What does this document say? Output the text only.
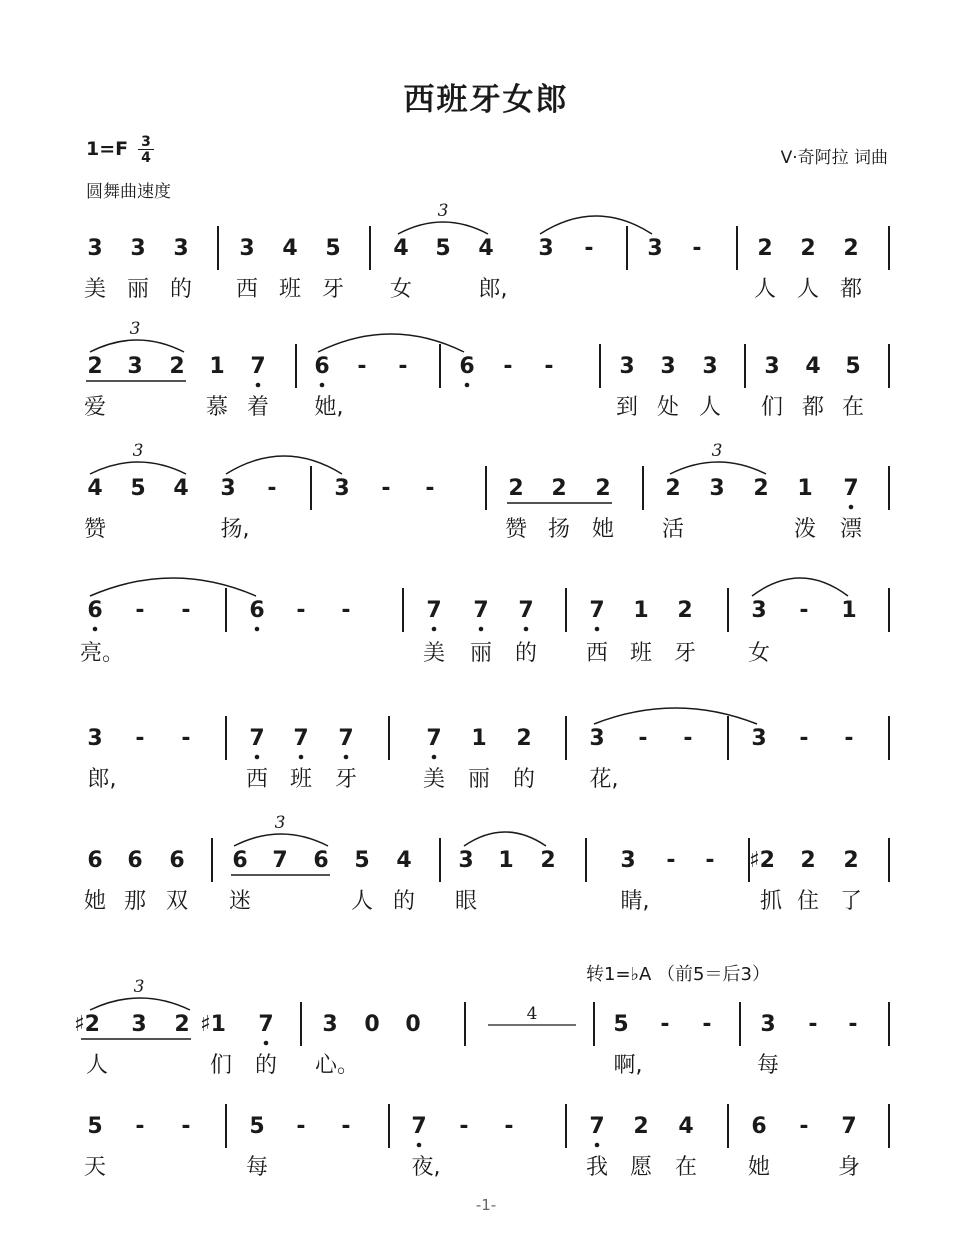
西班牙女郎
$1=F \frac{3}{4}$
圆舞曲速度
V·奇阿拉 词曲
转1=♭A （前5＝后3）
-1-
3 3 3 3 4 5 4 5 4 3	-	3	-	2 2 2
美 丽 的 西 班 牙 女	郎,	人 人 都
2 3 2 1 7 6	-	-	6	-	-	3 3 3 3 4 5
爱	慕 着	她,	到 处 人 们 都 在
4 5 4 3	-	3	-	-	2 2 2 2 3 2 1 7
赞	扬,	赞 扬 她 活	泼 漂
6	-	-	6	-	-	7 7 7	7 1 2	3	-	1
亮。	美 丽 的 西 班 牙 女
3	-	-	7 7 7	7 1 2	3	-	-	3	-	-
郎,	西 班 牙	美 丽 的	花,
6 6 6 6 7 6 5 4 3 1 2	3	-	-	♯2 2 2
她 那 双 迷	人 的 眼	睛,	抓 住 了
♯2 3 2 ♯1 7 3 0 0	5	-	-	3	-	-
人	们 的 心。	啊,	每
5	-	-	5	-	-	7	-	-	7 2 4	6	-	7
天	每	夜,	我 愿 在 她	身
3
3
3	3
3
3
4
